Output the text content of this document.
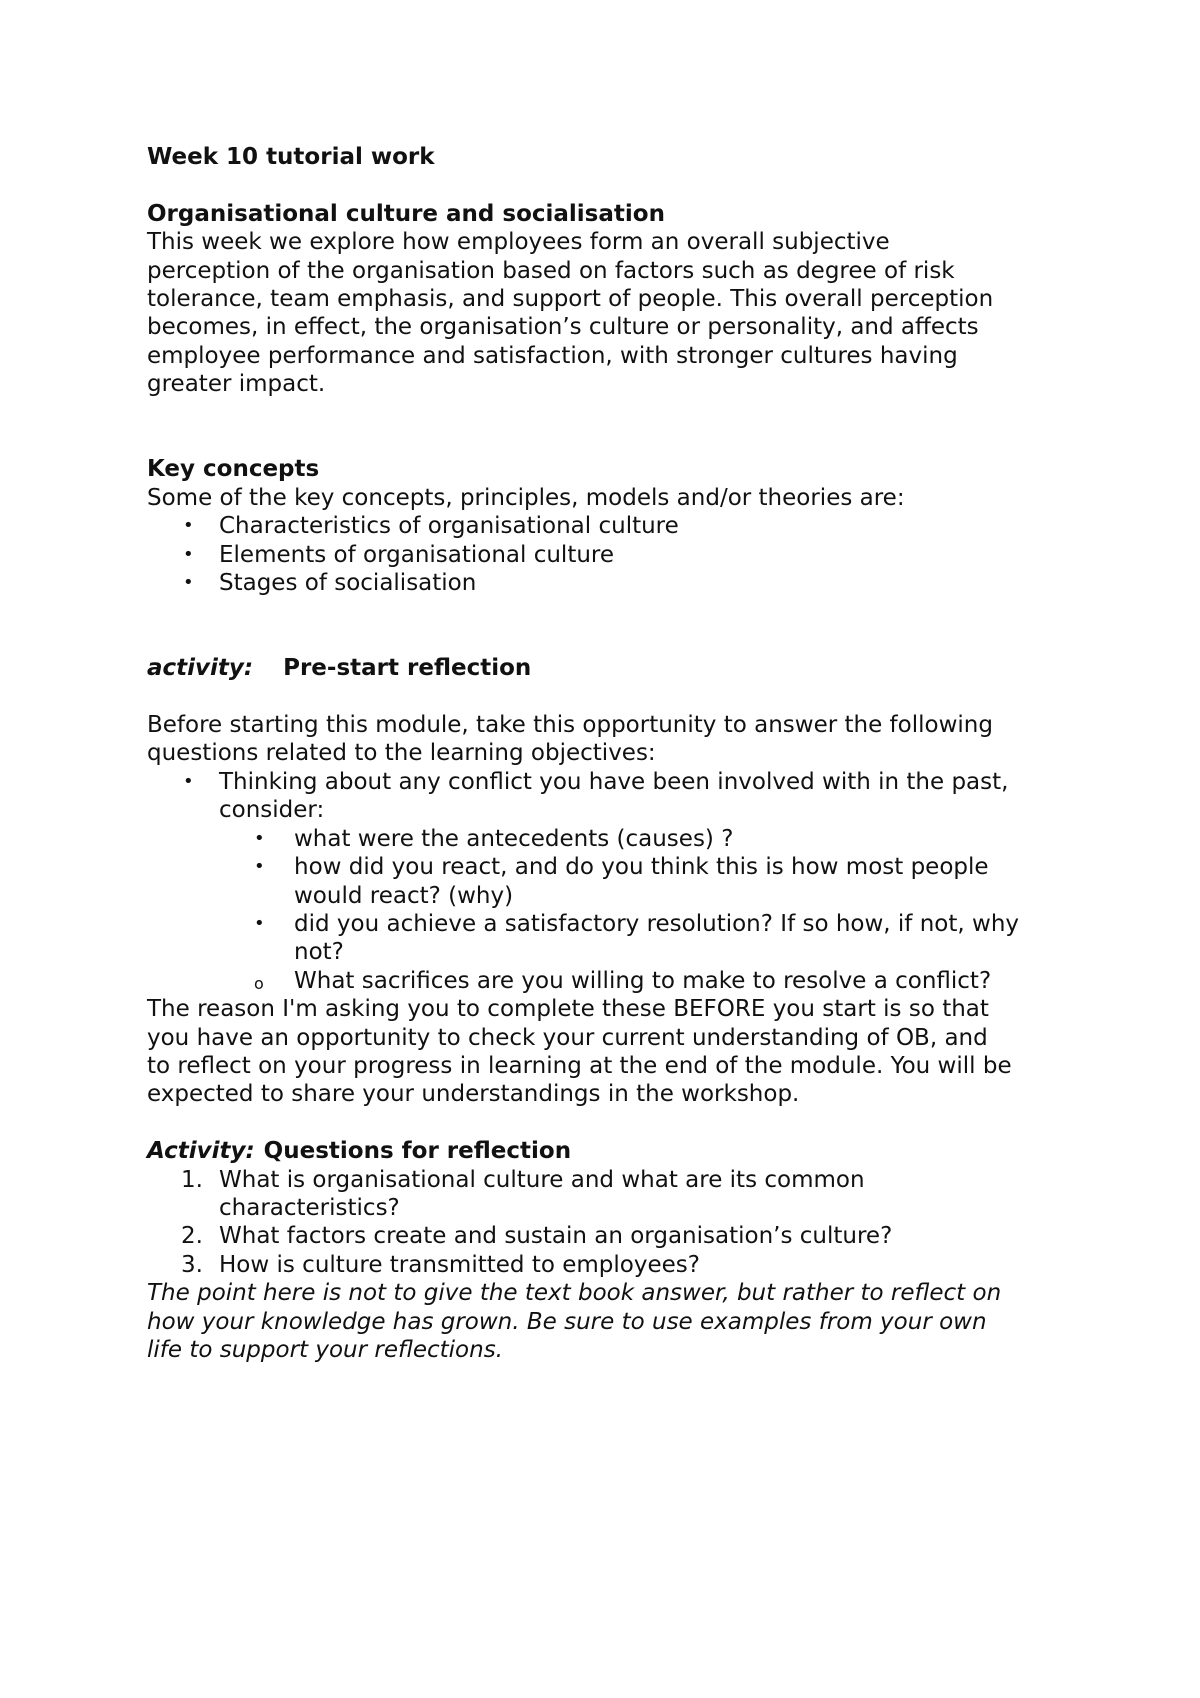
Week 10 tutorial work

Organisational culture and socialisation

This week we explore how employees form an overall subjective

perception of the organisation based on factors such as degree of risk

tolerance, team emphasis, and support of people. This overall perception

becomes, in effect, the organisation’s culture or personality, and affects

employee performance and satisfaction, with stronger cultures having

greater impact.

Key concepts

Some of the key concepts, principles, models and/or theories are:

• Characteristics of organisational culture
• Elements of organisational culture
• Stages of socialisation

activity: Pre-start reflection

Before starting this module, take this opportunity to answer the following

questions related to the learning objectives:

• Thinking about any conflict you have been involved with in the past,
consider:
• what were the antecedents (causes) ?
• how did you react, and do you think this is how most people
would react? (why)
• did you achieve a satisfactory resolution? If so how, if not, why
not?
o What sacrifices are you willing to make to resolve a conflict?

The reason I'm asking you to complete these BEFORE you start is so that

you have an opportunity to check your current understanding of OB, and

to reflect on your progress in learning at the end of the module. You will be

expected to share your understandings in the workshop.

Activity: Questions for reflection

1. What is organisational culture and what are its common
characteristics?
2. What factors create and sustain an organisation’s culture?
3. How is culture transmitted to employees?

The point here is not to give the text book answer, but rather to reflect on

how your knowledge has grown. Be sure to use examples from your own

life to support your reflections.
